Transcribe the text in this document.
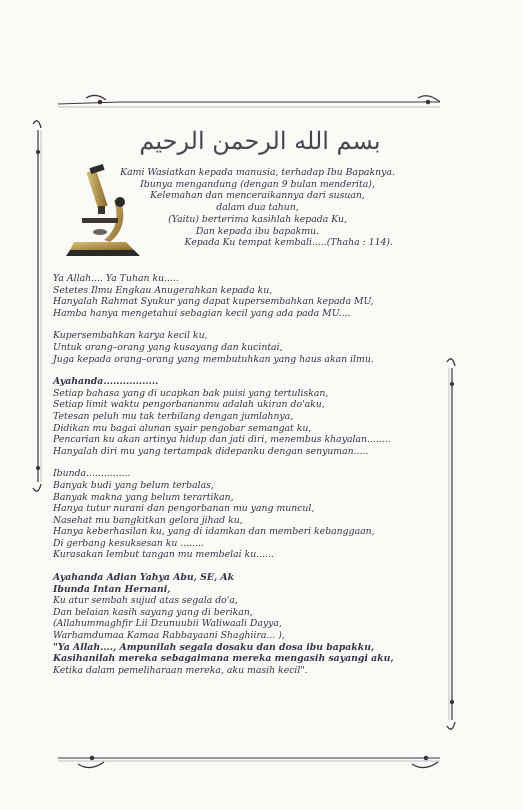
بسم الله الرحمن الرحيم
Kami Wasiatkan kepada manusia, terhadap Ibu Bapaknya.
Ibunya mengandung (dengan 9 bulan menderita),
Kelemahan dan menceraikannya dari susuan,
dalam dua tahun,
(Yaitu) berterima kasihlah kepada Ku,
Dan kepada ibu bapakmu.
Kepada Ku tempat kembali.....(Thaha : 114).
Ya Allah.... Ya Tuhan ku.....
Setetes Ilmu Engkau Anugerahkan kepada ku,
Hanyalah Rahmat Syukur yang dapat kupersembahkan kepada MU,
Hamba hanya mengetahui sebagian kecil yang ada pada MU....
Kupersembahkan karya kecil ku,
Untuk orang–orang yang kusayang dan kucintai,
Juga kepada orang–orang yang membutuhkan yang haus akan ilmu.
Ayahanda.................
Setiap bahasa yang di ucapkan bak puisi yang tertuliskan,
Setiap limit waktu pengorbananmu adalah ukiran do'aku,
Tetesan peluh mu tak terbilang dengan jumlahnya,
Didikan mu bagai alunan syair pengobar semangat ku,
Pencarian ku akan artinya hidup dan jati diri, menembus khayalan........
Hanyalah diri mu yang tertampak didepanku dengan senyuman.....
Ibunda...............
Banyak budi yang belum terbalas,
Banyak makna yang belum terartikan,
Hanya tutur nurani dan pengorbanan mu yang muncul,
Nasehat mu bangkitkan gelora jihad ku,
Hanya keberhasilan ku, yang di idamkan dan memberi kebanggaan,
Di gerbang kesuksesan ku ........
Kurasakan lembut tangan mu membelai ku......
Ayahanda Adian Yahya Abu, SE, Ak
Ibunda Intan Hernani,
Ku atur sembah sujud atas segala do'a,
Dan belaian kasih sayang yang di berikan,
(Allahummaghfir Lii Dzunuubii Waliwaali Dayya,
Warhamdumaa Kamaa Rabbayaani Shaghiira... ),
"Ya Allah...., Ampunilah segala dosaku dan dosa ibu bapakku,
Kasihanilah mereka sebagaimana mereka mengasih sayangi aku,
Ketika dalam pemeliharaan mereka, aku masih kecil".
